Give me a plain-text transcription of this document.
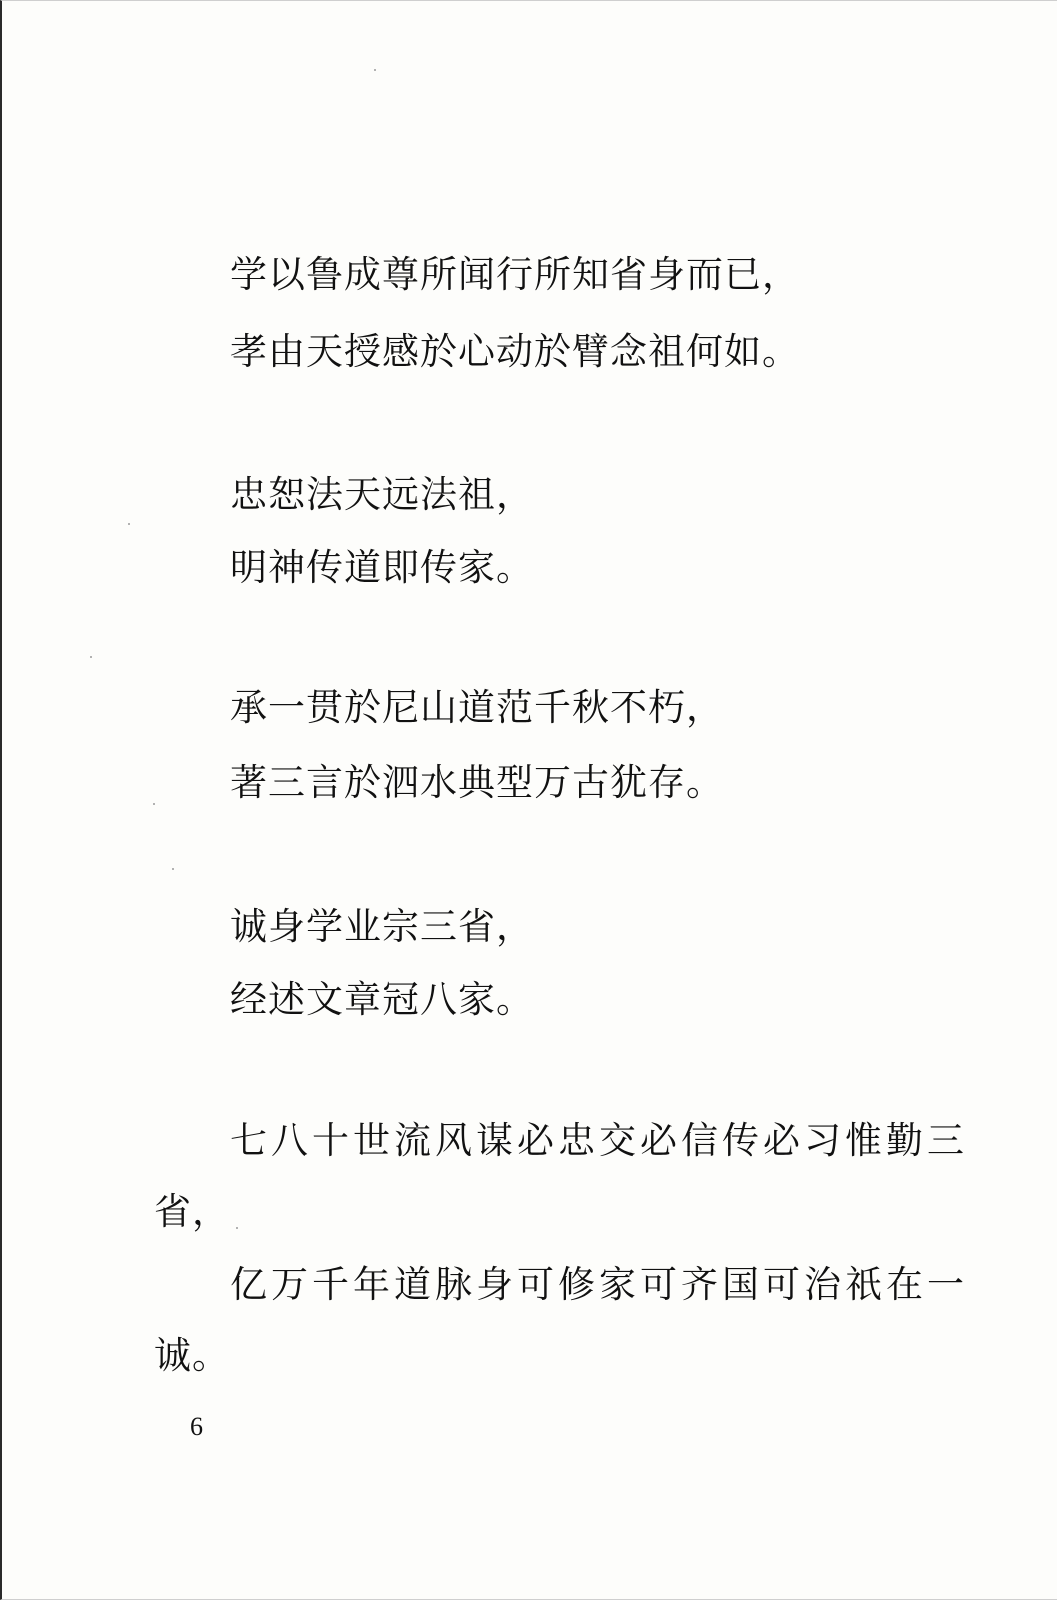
学以鲁成尊所闻行所知省身而已，
孝由天授感於心动於臂念祖何如。
忠恕法天远法祖，
明神传道即传家。
承一贯於尼山道范千秋不朽，
著三言於泗水典型万古犹存。
诚身学业宗三省，
经述文章冠八家。
七八十世流风谋必忠交必信传必习惟勤三
省，
亿万千年道脉身可修家可齐国可治祇在一
诚。
6
